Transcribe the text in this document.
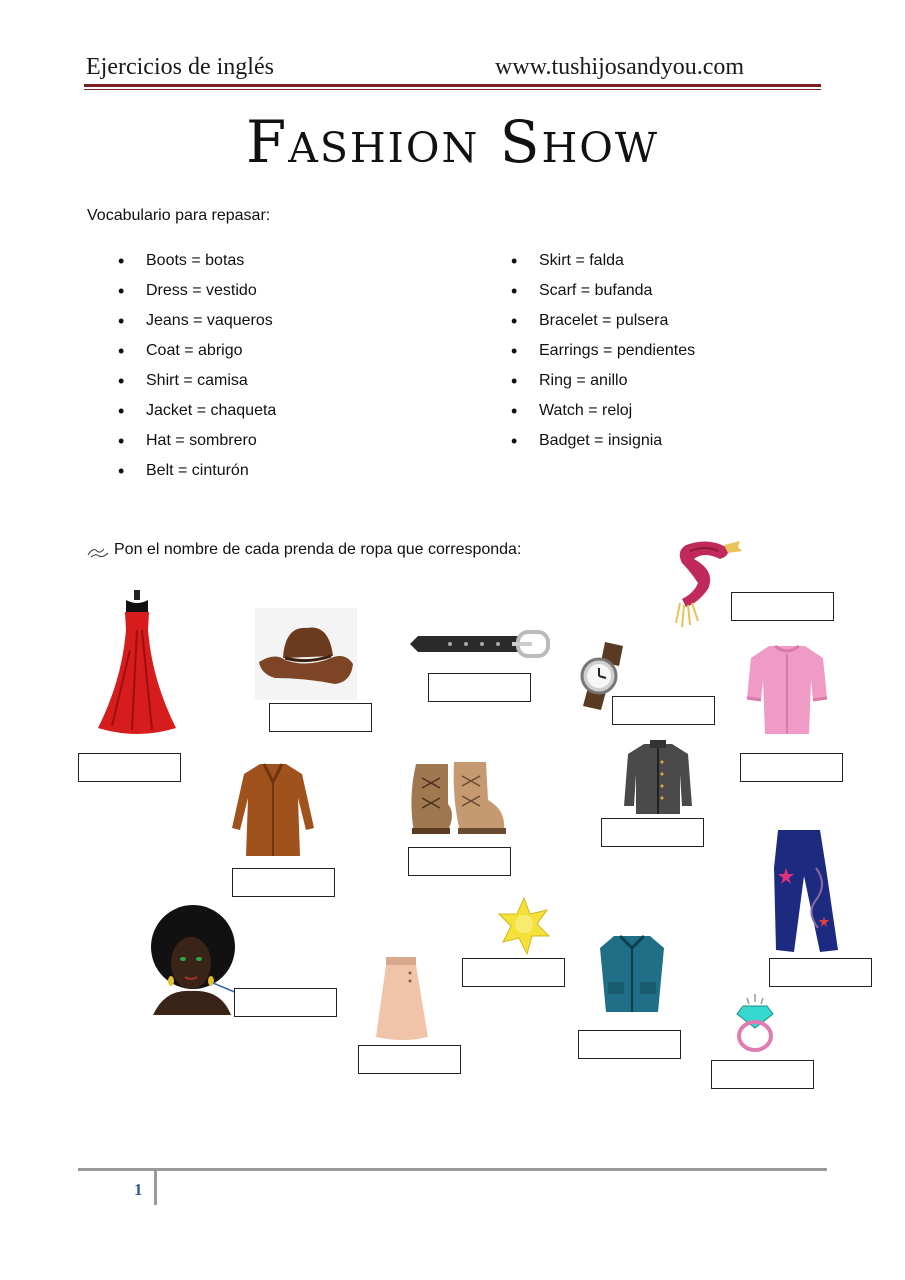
Ejercicios de inglés	www.tushijosandyou.com
Fashion Show
Vocabulario para repasar:
• Boots = botas
• Dress = vestido
• Jeans = vaqueros
• Coat = abrigo
• Shirt = camisa
• Jacket = chaqueta
• Hat = sombrero
• Belt = cinturón
• Skirt = falda
• Scarf = bufanda
• Bracelet = pulsera
• Earrings = pendientes
• Ring = anillo
• Watch = reloj
• Badget = insignia
Pon el nombre de cada prenda de ropa que corresponda:
1
